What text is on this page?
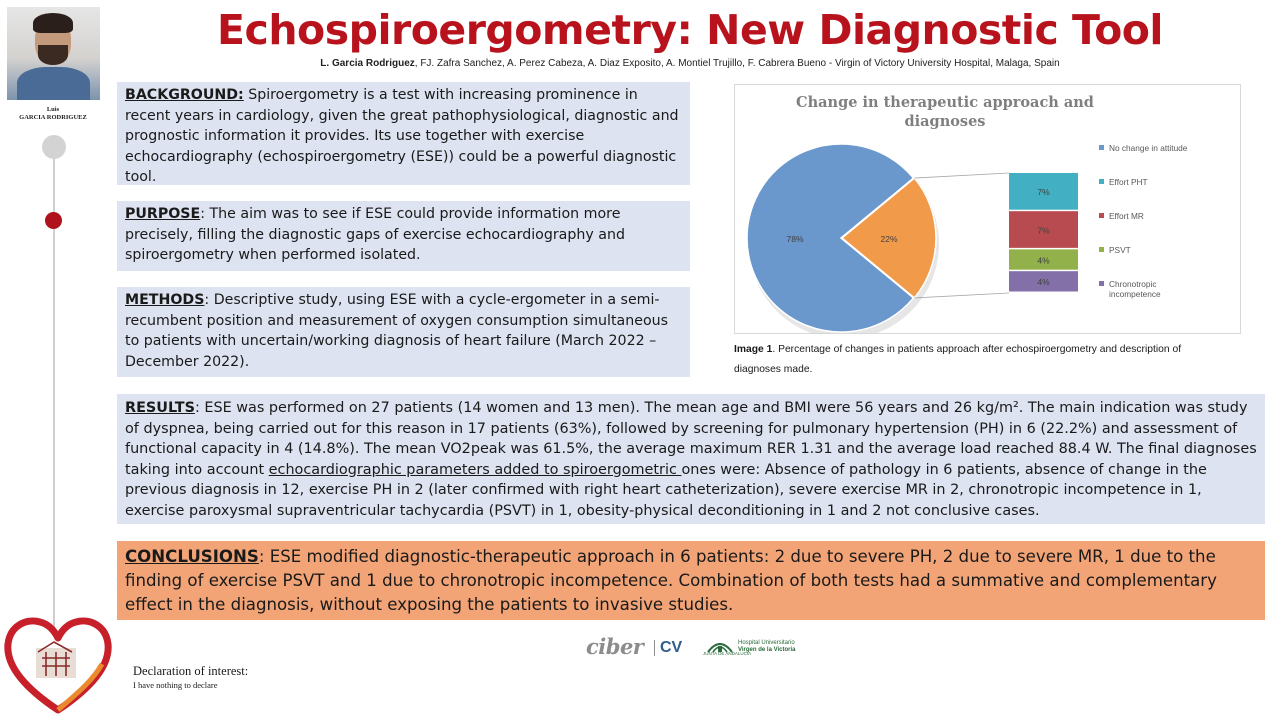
Luis
GARCIA RODRIGUEZ
Echospiroergometry: New Diagnostic Tool
L. Garcia Rodriguez, FJ. Zafra Sanchez, A. Perez Cabeza, A. Diaz Exposito, A. Montiel Trujillo, F. Cabrera Bueno - Virgin of Victory University Hospital, Malaga, Spain
BACKGROUND: Spiroergometry is a test with increasing prominence in recent years in cardiology, given the great pathophysiological, diagnostic and prognostic information it provides. Its use together with exercise echocardiography (echospiroergometry (ESE)) could be a powerful diagnostic tool.
PURPOSE: The aim was to see if ESE could provide information more precisely, filling the diagnostic gaps of exercise echocardiography and spiroergometry when performed isolated.
METHODS: Descriptive study, using ESE with a cycle-ergometer in a semi-recumbent position and measurement of oxygen consumption simultaneous to patients with uncertain/working diagnosis of heart failure (March 2022 – December 2022).
7%
7%
4%
4%
78%	22%
Change in therapeutic approach and diagnoses
No change in attitude
Effort PHT
Effort MR
PSVT
Chronotropic incompetence
Image 1. Percentage of changes in patients approach after echospiroergometry and description of diagnoses made.
RESULTS: ESE was performed on 27 patients (14 women and 13 men). The mean age and BMI were 56 years and 26 kg/m². The main indication was study of dyspnea, being carried out for this reason in 17 patients (63%), followed by screening for pulmonary hypertension (PH) in 6 (22.2%) and assessment of functional capacity in 4 (14.8%). The mean VO2peak was 61.5%, the average maximum RER 1.31 and the average load reached 88.4 W. The final diagnoses taking into account echocardiographic parameters added to spiroergometric ones were: Absence of pathology in 6 patients, absence of change in the previous diagnosis in 12, exercise PH in 2 (later confirmed with right heart catheterization), severe exercise MR in 2, chronotropic incompetence in 1, exercise paroxysmal supraventricular tachycardia (PSVT) in 1, obesity-physical deconditioning in 1 and 2 not conclusive cases.
CONCLUSIONS: ESE modified diagnostic-therapeutic approach in 6 patients: 2 due to severe PH, 2 due to severe MR, 1 due to the finding of exercise PSVT and 1 due to chronotropic incompetence. Combination of both tests had a summative and complementary effect in the diagnosis, without exposing the patients to invasive studies.
ciber CV	JUNTA DE ANDALUCIA
Hospital Universitario
Virgen de la Victoria
Declaration of interest:
I have nothing to declare
